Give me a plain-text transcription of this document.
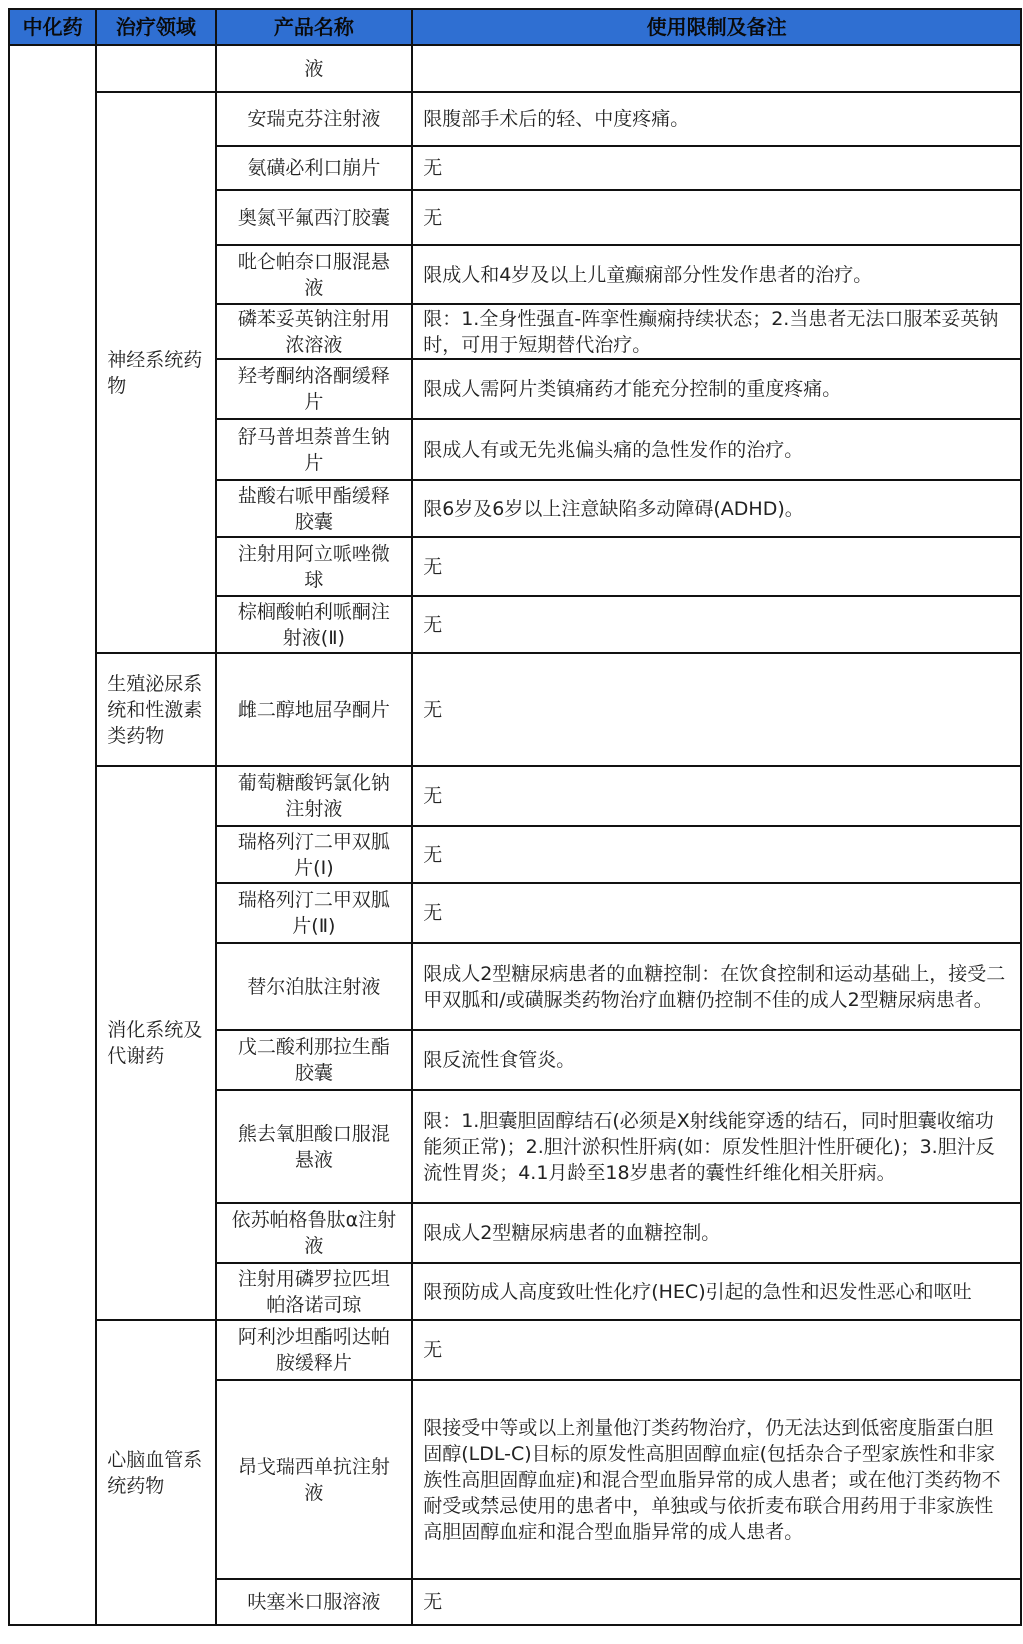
中化药	治疗领域	产品名称	使用限制及备注
		液	
	神经系统药物	安瑞克芬注射液	限腹部手术后的轻、中度疼痛。
		氨磺必利口崩片	无
		奥氮平氟西汀胶囊	无
		吡仑帕奈口服混悬液	限成人和4岁及以上儿童癫痫部分性发作患者的治疗。
		磷苯妥英钠注射用浓溶液	限：1.全身性强直-阵挛性癫痫持续状态；2.当患者无法口服苯妥英钠时，可用于短期替代治疗。
		羟考酮纳洛酮缓释片	限成人需阿片类镇痛药才能充分控制的重度疼痛。
		舒马普坦萘普生钠片	限成人有或无先兆偏头痛的急性发作的治疗。
		盐酸右哌甲酯缓释胶囊	限6岁及6岁以上注意缺陷多动障碍(ADHD)。
		注射用阿立哌唑微球	无
		棕榈酸帕利哌酮注射液(Ⅱ)	无
	生殖泌尿系统和性激素类药物	雌二醇地屈孕酮片	无
	消化系统及代谢药	葡萄糖酸钙氯化钠注射液	无
		瑞格列汀二甲双胍片(Ⅰ)	无
		瑞格列汀二甲双胍片(Ⅱ)	无
		替尔泊肽注射液	限成人2型糖尿病患者的血糖控制：在饮食控制和运动基础上，接受二甲双胍和/或磺脲类药物治疗血糖仍控制不佳的成人2型糖尿病患者。
		戊二酸利那拉生酯胶囊	限反流性食管炎。
		熊去氧胆酸口服混悬液	限：1.胆囊胆固醇结石(必须是X射线能穿透的结石，同时胆囊收缩功能须正常)；2.胆汁淤积性肝病(如：原发性胆汁性肝硬化)；3.胆汁反流性胃炎；4.1月龄至18岁患者的囊性纤维化相关肝病。
		依苏帕格鲁肽α注射液	限成人2型糖尿病患者的血糖控制。
		注射用磷罗拉匹坦帕洛诺司琼	限预防成人高度致吐性化疗(HEC)引起的急性和迟发性恶心和呕吐
	心脑血管系统药物	阿利沙坦酯吲达帕胺缓释片	无
		昂戈瑞西单抗注射液	限接受中等或以上剂量他汀类药物治疗，仍无法达到低密度脂蛋白胆固醇(LDL-C)目标的原发性高胆固醇血症(包括杂合子型家族性和非家族性高胆固醇血症)和混合型血脂异常的成人患者；或在他汀类药物不耐受或禁忌使用的患者中，单独或与依折麦布联合用药用于非家族性高胆固醇血症和混合型血脂异常的成人患者。
		呋塞米口服溶液	无
